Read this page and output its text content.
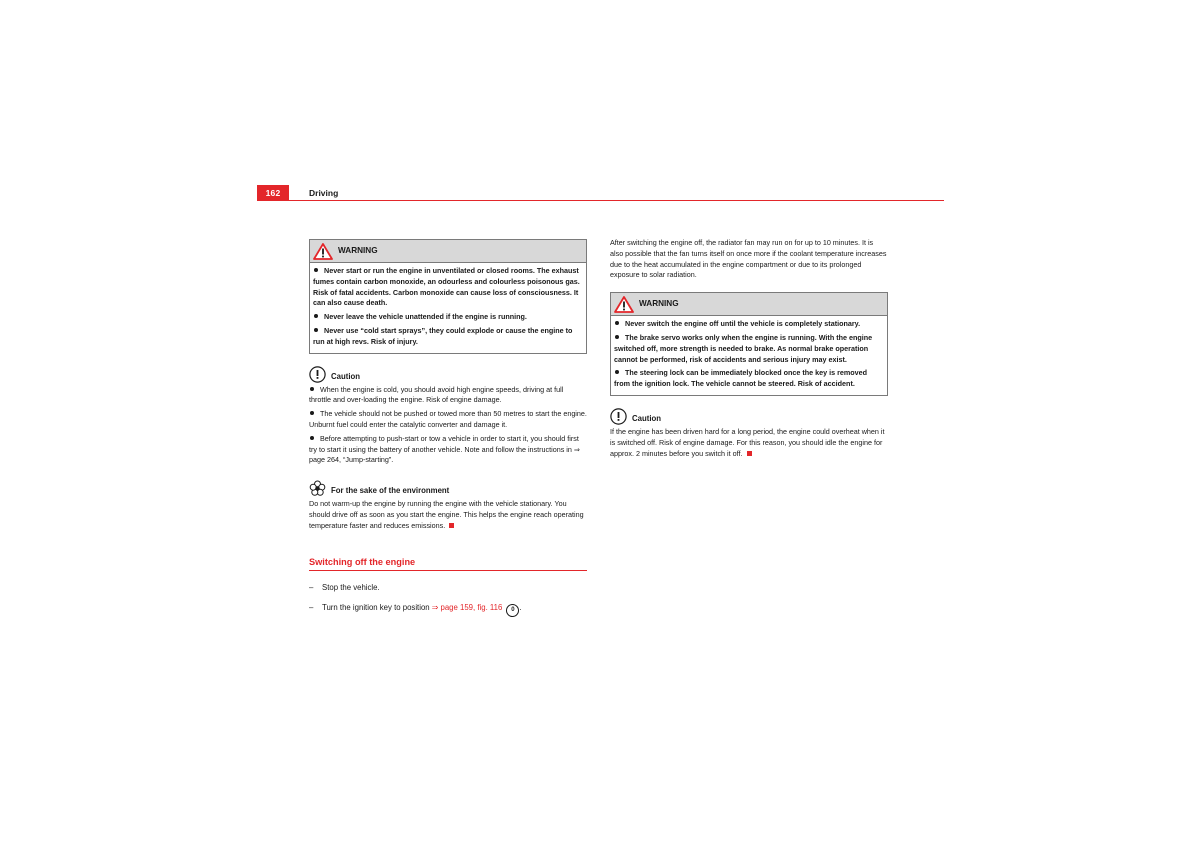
162	Driving
WARNING
Never start or run the engine in unventilated or closed rooms. The exhaust fumes contain carbon monoxide, an odourless and colourless poisonous gas. Risk of fatal accidents. Carbon monoxide can cause loss of consciousness. It can also cause death.
Never leave the vehicle unattended if the engine is running.
Never use “cold start sprays”, they could explode or cause the engine to run at high revs. Risk of injury.
Caution
When the engine is cold, you should avoid high engine speeds, driving at full throttle and over-loading the engine. Risk of engine damage.
The vehicle should not be pushed or towed more than 50 metres to start the engine. Unburnt fuel could enter the catalytic converter and damage it.
Before attempting to push-start or tow a vehicle in order to start it, you should first try to start it using the battery of another vehicle. Note and follow the instructions in ⇒ page 264, “Jump-starting”.
For the sake of the environment
Do not warm-up the engine by running the engine with the vehicle stationary. You should drive off as soon as you start the engine. This helps the engine reach operating temperature faster and reduces emissions.
Switching off the engine
– Stop the vehicle.
– Turn the ignition key to position ⇒ page 159, fig. 116 0 .
After switching the engine off, the radiator fan may run on for up to 10 minutes. It is also possible that the fan turns itself on once more if the coolant temperature increases due to the heat accumulated in the engine compartment or due to its prolonged exposure to solar radiation.
WARNING
Never switch the engine off until the vehicle is completely stationary.
The brake servo works only when the engine is running. With the engine switched off, more strength is needed to brake. As normal brake operation cannot be performed, risk of accidents and serious injury may exist.
The steering lock can be immediately blocked once the key is removed from the ignition lock. The vehicle cannot be steered. Risk of accident.
Caution
If the engine has been driven hard for a long period, the engine could overheat when it is switched off. Risk of engine damage. For this reason, you should idle the engine for approx. 2 minutes before you switch it off.
